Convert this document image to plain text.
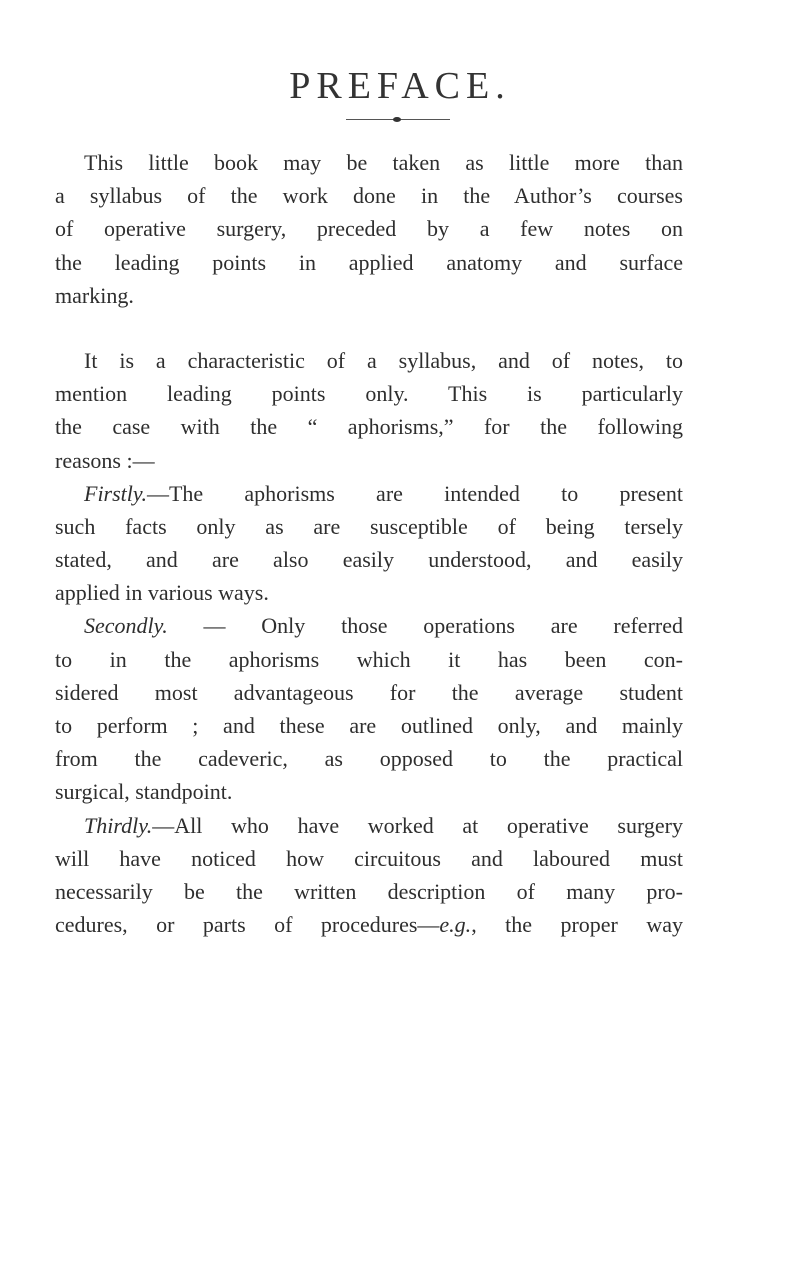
PREFACE.
This little book may be taken as little more than
a syllabus of the work done in the Author’s courses
of operative surgery, preceded by a few notes on
the leading points in applied anatomy and surface
marking.
It is a characteristic of a syllabus, and of notes, to
mention leading points only. This is particularly
the case with the “ aphorisms,” for the following
reasons :—
Firstly.—The aphorisms are intended to present
such facts only as are susceptible of being tersely
stated, and are also easily understood, and easily
applied in various ways.
Secondly. — Only those operations are referred
to in the aphorisms which it has been con-
sidered most advantageous for the average student
to perform ; and these are outlined only, and mainly
from the cadeveric, as opposed to the practical
surgical, standpoint.
Thirdly.—All who have worked at operative surgery
will have noticed how circuitous and laboured must
necessarily be the written description of many pro-
cedures, or parts of procedures—e.g., the proper way
